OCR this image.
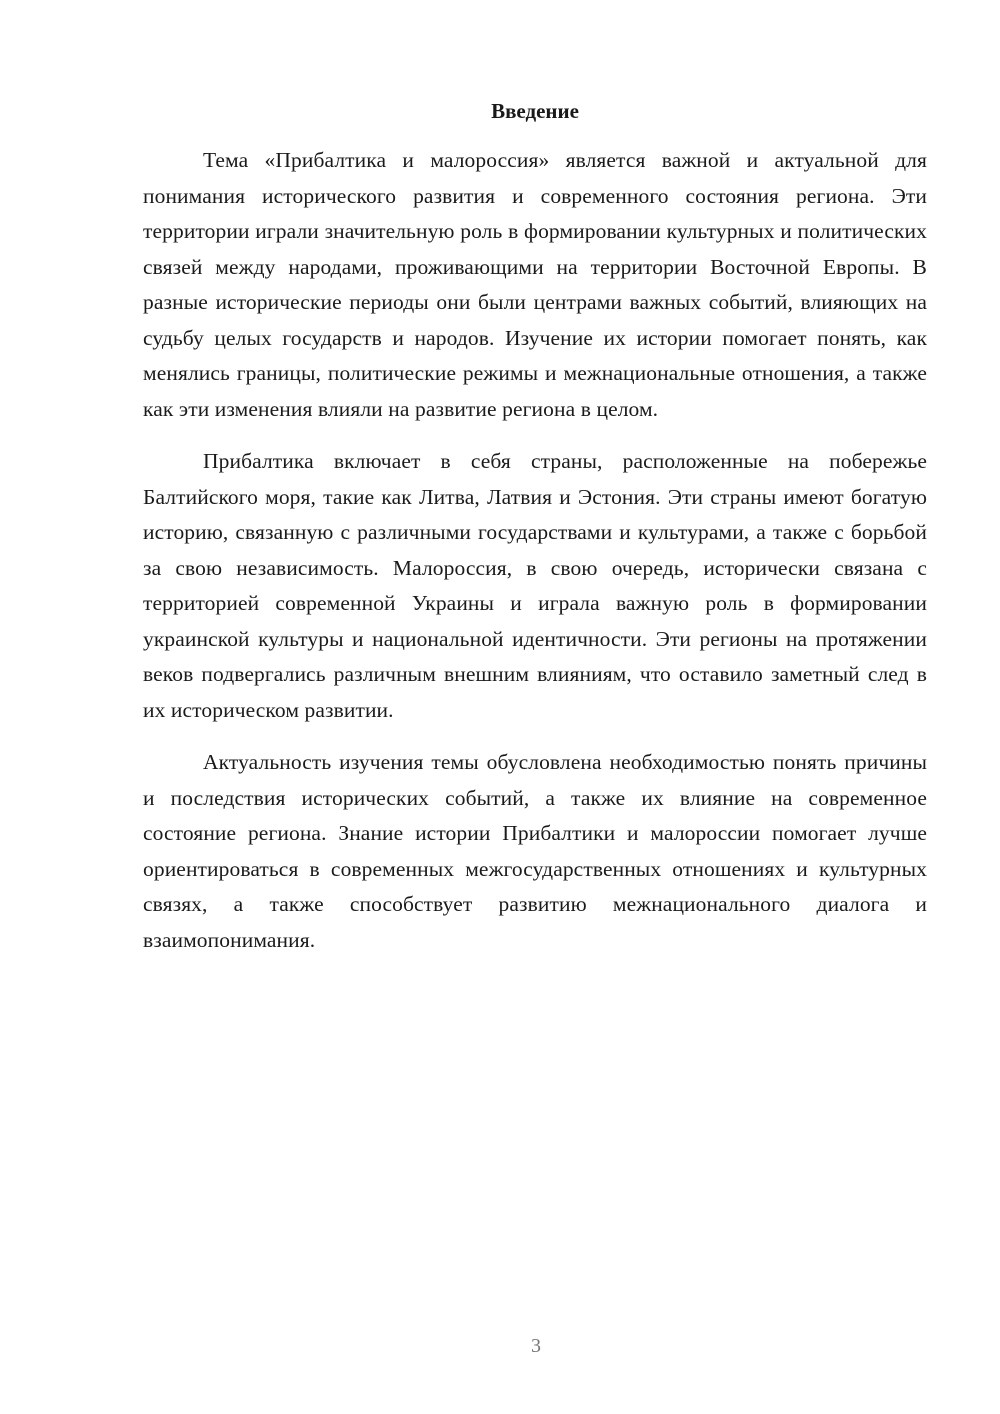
Введение

Тема «Прибалтика и малороссия» является важной и актуальной для понимания исторического развития и современного состояния региона. Эти территории играли значительную роль в формировании культурных и политических связей между народами, проживающими на территории Восточной Европы. В разные исторические периоды они были центрами важных событий, влияющих на судьбу целых государств и народов. Изучение их истории помогает понять, как менялись границы, политические режимы и межнациональные отношения, а также как эти изменения влияли на развитие региона в целом.

Прибалтика включает в себя страны, расположенные на побережье Балтийского моря, такие как Литва, Латвия и Эстония. Эти страны имеют богатую историю, связанную с различными государствами и культурами, а также с борьбой за свою независимость. Малороссия, в свою очередь, исторически связана с территорией современной Украины и играла важную роль в формировании украинской культуры и национальной идентичности. Эти регионы на протяжении веков подвергались различным внешним влияниям, что оставило заметный след в их историческом развитии.

Актуальность изучения темы обусловлена необходимостью понять причины и последствия исторических событий, а также их влияние на современное состояние региона. Знание истории Прибалтики и малороссии помогает лучше ориентироваться в современных межгосударственных отношениях и культурных связях, а также способствует развитию межнационального диалога и взаимопонимания.

3
